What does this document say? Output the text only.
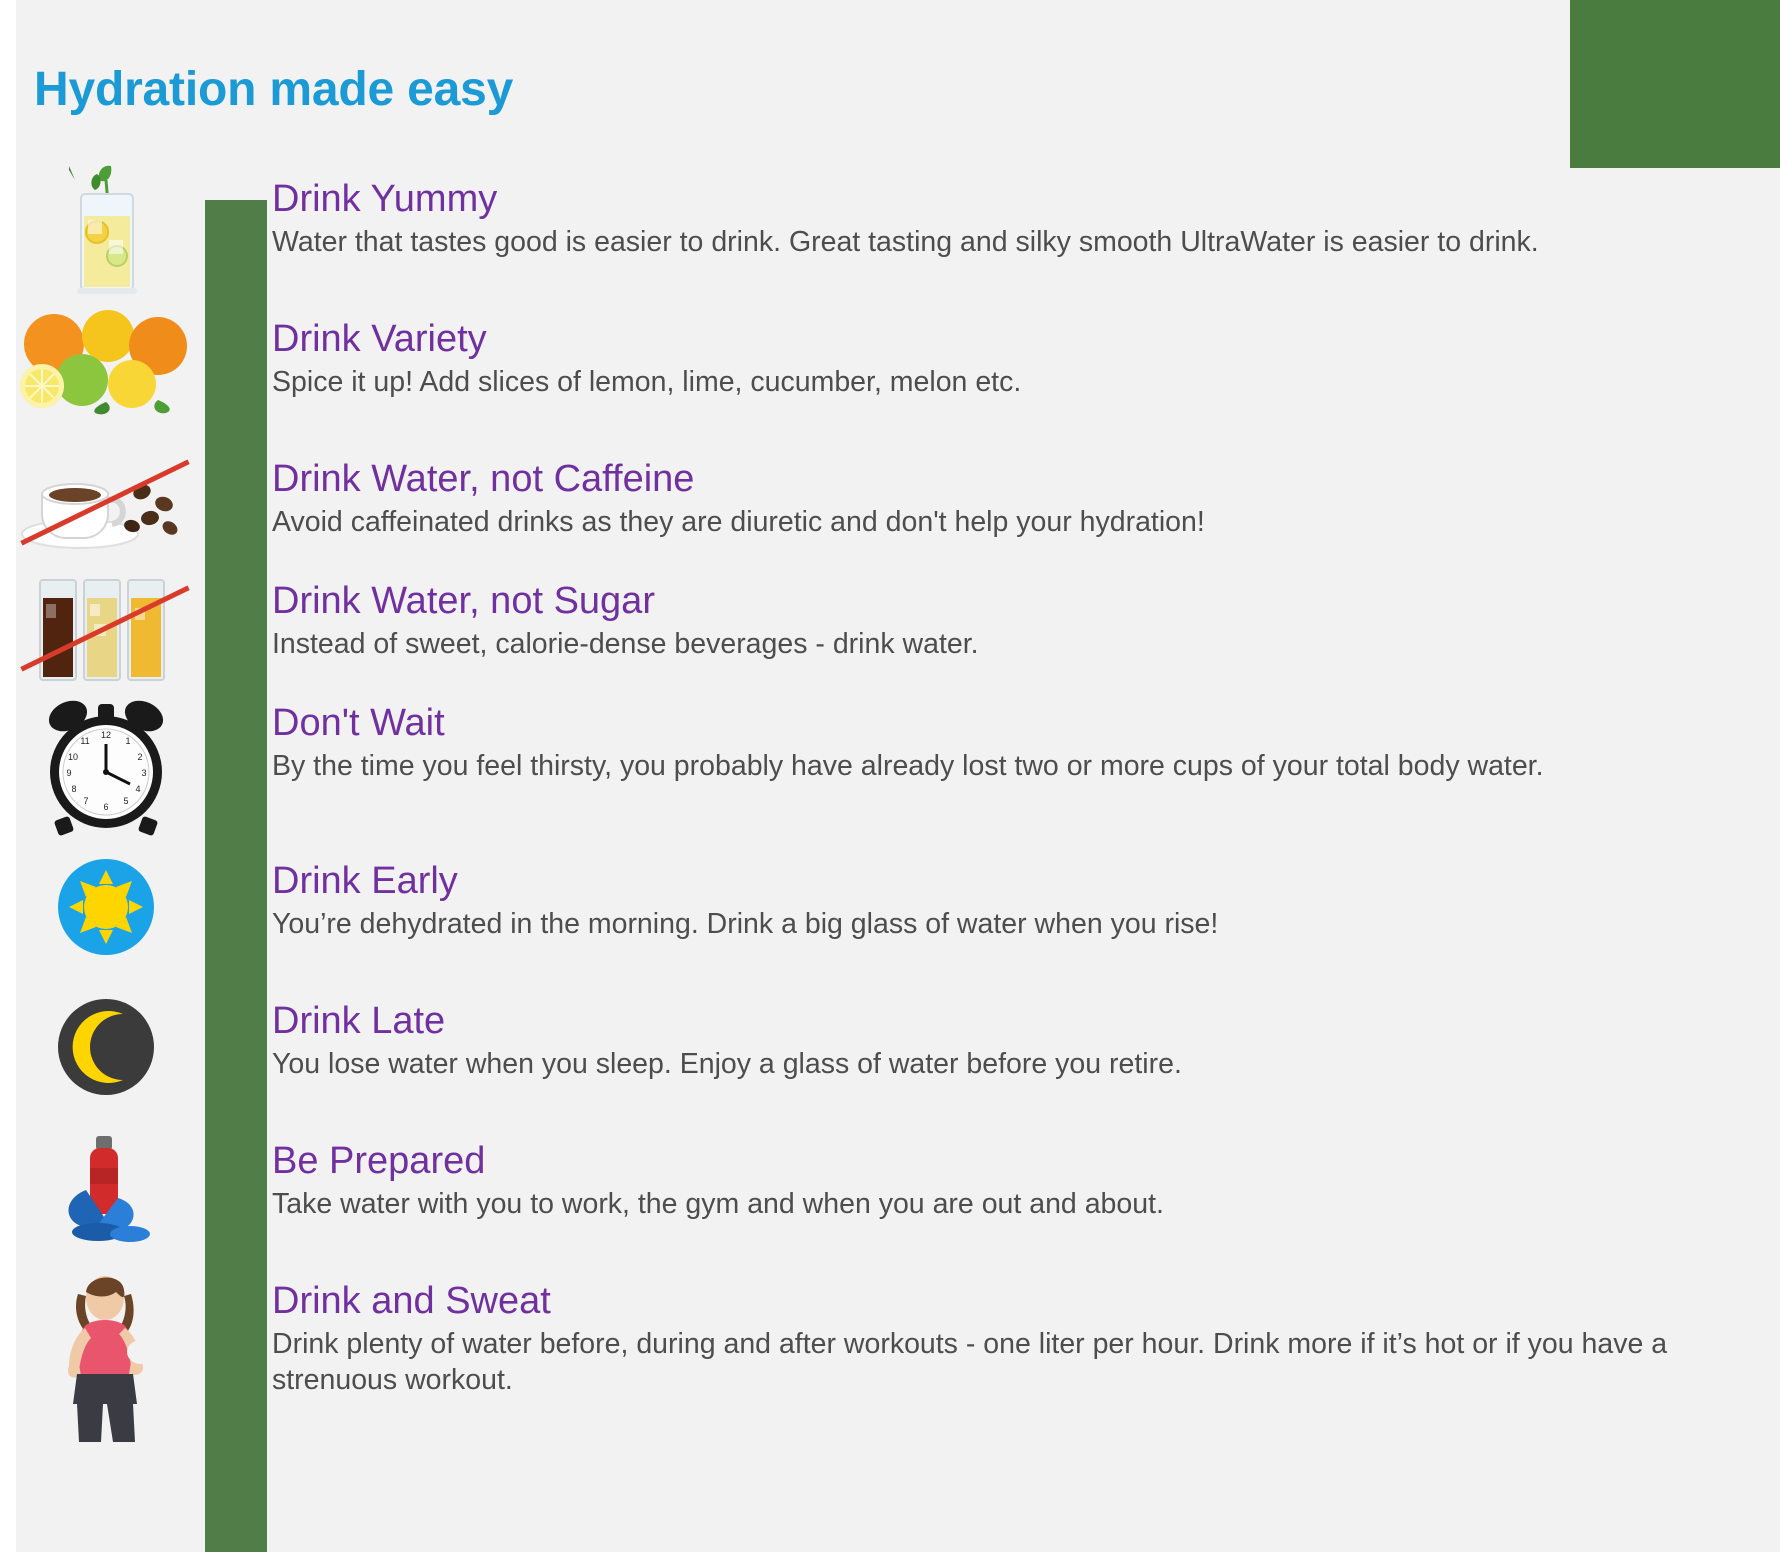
Hydration made easy
Drink Yummy

Water that tastes good is easier to drink. Great tasting and silky smooth UltraWater is easier to drink.

Drink Variety

Spice it up! Add slices of lemon, lime, cucumber, melon etc.

Drink Water, not Caffeine

Avoid caffeinated drinks as they are diuretic and don't help your hydration!

Drink Water, not Sugar

Instead of sweet, calorie-dense beverages - drink water.

12
1
2
3
4
5
6
7
8
9
10
11	Don't Wait

By the time you feel thirsty, you probably have already lost two or more cups of your total body water.

Drink Early

You’re dehydrated in the morning. Drink a big glass of water when you rise!

Drink Late

You lose water when you sleep. Enjoy a glass of water before you retire.

Be Prepared

Take water with you to work, the gym and when you are out and about.

Drink and Sweat

Drink plenty of water before, during and after workouts - one liter per hour. Drink more if it’s hot or if you have a strenuous workout.
